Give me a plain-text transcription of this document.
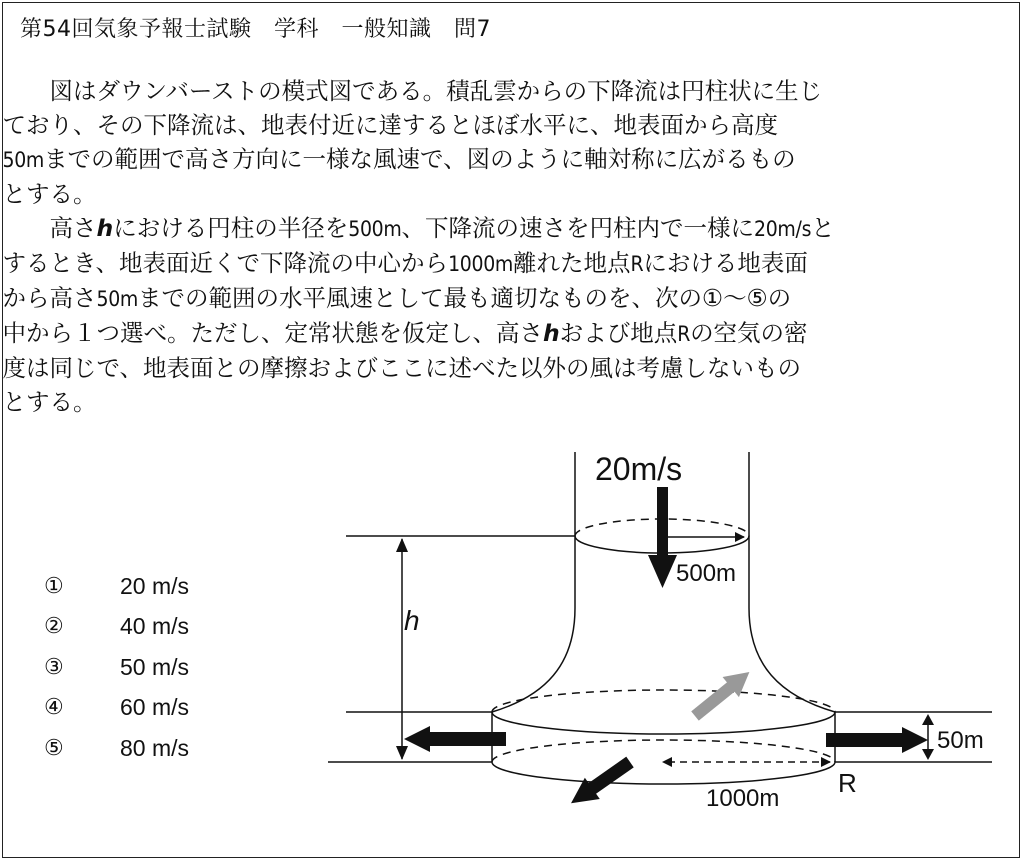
第54回気象予報士試験　学科　一般知識　問7

図はダウンバーストの模式図である。積乱雲からの下降流は円柱状に生じ
ており、その下降流は、地表付近に達するとほぼ水平に、地表面から高度
50mまでの範囲で高さ方向に一様な風速で、図のように軸対称に広がるもの
とする。

高さhにおける円柱の半径を500m、下降流の速さを円柱内で一様に20m/sと
するとき、地表面近くで下降流の中心から1000m離れた地点Rにおける地表面
から高さ50mまでの範囲の水平風速として最も適切なものを、次の①〜⑤の
中から１つ選べ。ただし、定常状態を仮定し、高さhおよび地点Rの空気の密
度は同じで、地表面との摩擦およびここに述べた以外の風は考慮しないもの
とする。

①	20 m/s
②	40 m/s
③	50 m/s
④	60 m/s
⑤	80 m/s
20m/s
500m
h
50m
1000m
R
